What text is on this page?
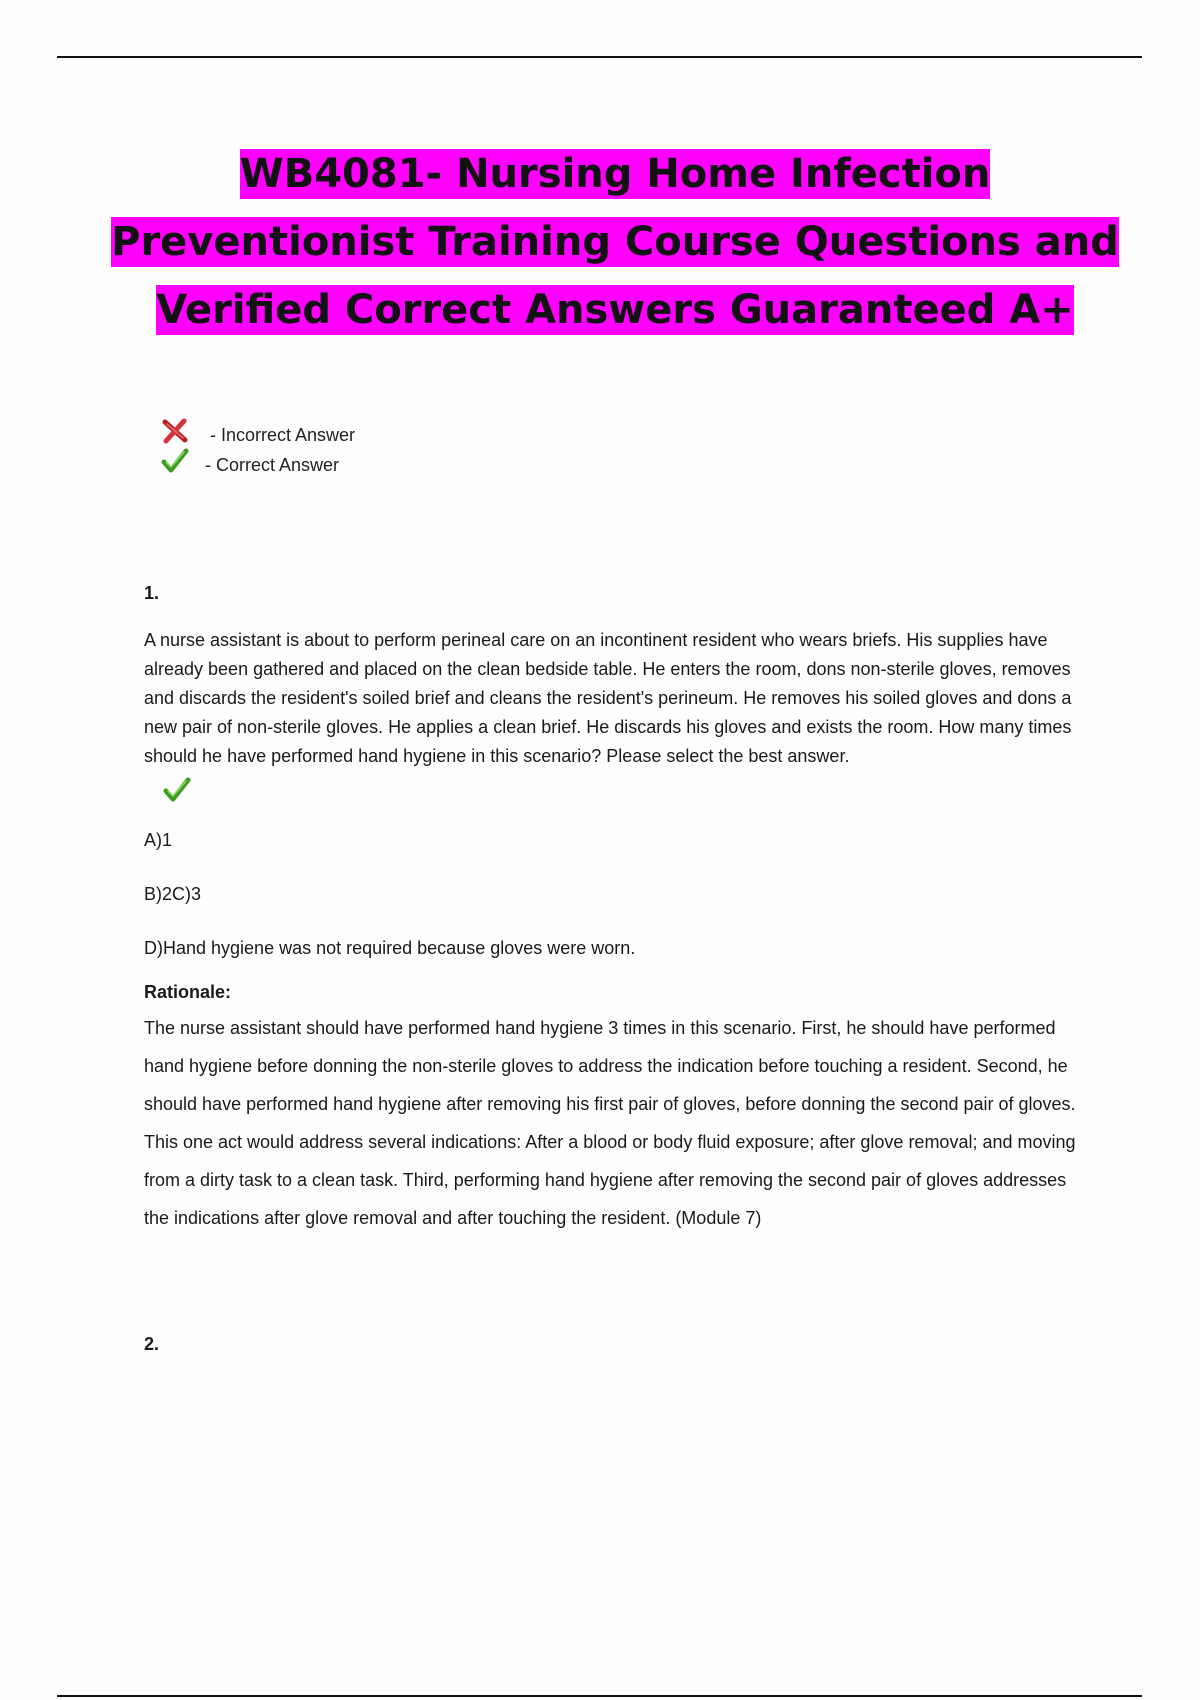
WB4081- Nursing Home Infection
Preventionist Training Course Questions and
Verified Correct Answers Guaranteed A+
- Incorrect Answer
- Correct Answer

1.

A nurse assistant is about to perform perineal care on an incontinent resident who wears briefs. His supplies have already been gathered and placed on the clean bedside table. He enters the room, dons non-sterile gloves, removes and discards the resident's soiled brief and cleans the resident's perineum. He removes his soiled gloves and dons a new pair of non-sterile gloves. He applies a clean brief. He discards his gloves and exists the room. How many times should he have performed hand hygiene in this scenario? Please select the best answer.

A)1

B)2C)3

D)Hand hygiene was not required because gloves were worn.

Rationale:

The nurse assistant should have performed hand hygiene 3 times in this scenario. First, he should have performed hand hygiene before donning the non-sterile gloves to address the indication before touching a resident. Second, he should have performed hand hygiene after removing his first pair of gloves, before donning the second pair of gloves. This one act would address several indications: After a blood or body fluid exposure; after glove removal; and moving from a dirty task to a clean task. Third, performing hand hygiene after removing the second pair of gloves addresses the indications after glove removal and after touching the resident. (Module 7)

2.
